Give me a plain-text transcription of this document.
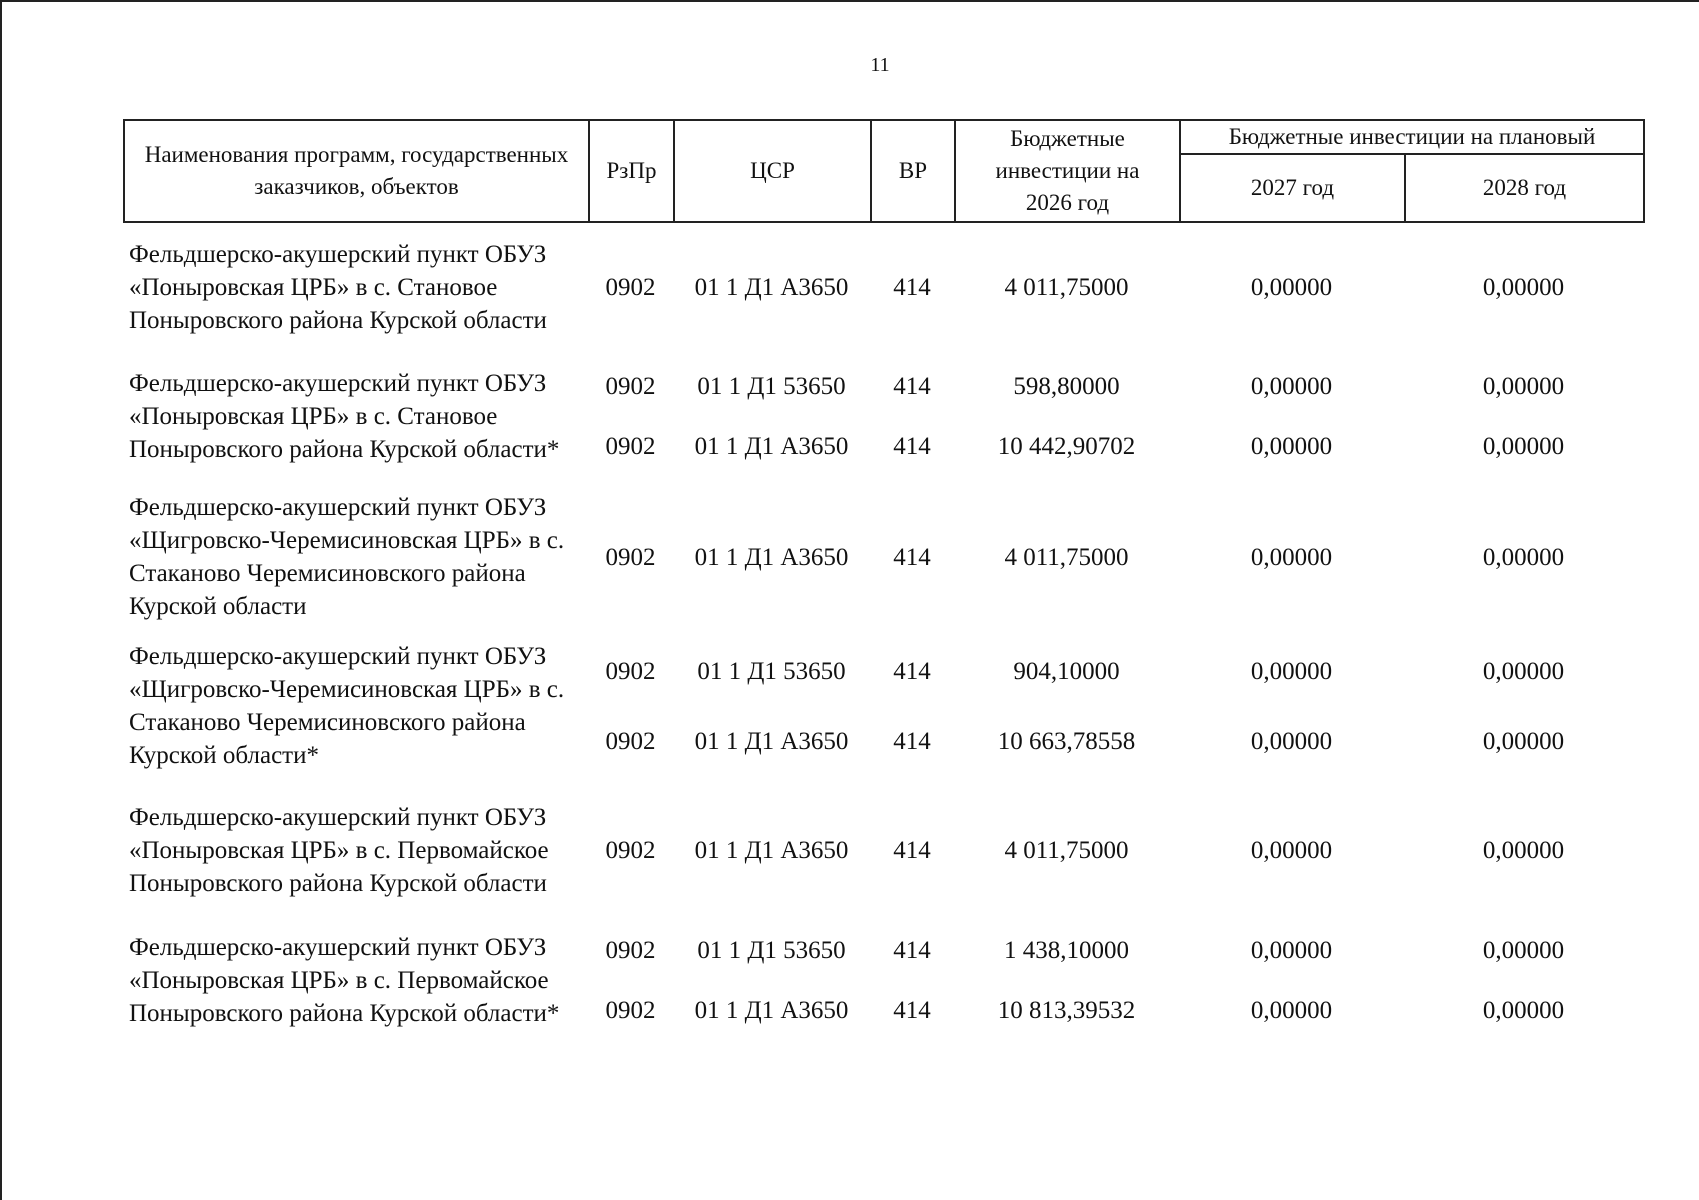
11
Наименования программ, государственных заказчиков, объектов	РзПр	ЦСР	ВР	Бюджетные инвестиции на 2026 год	Бюджетные инвестиции на плановый	
					2027 год	2028 год
Фельдшерско-акушерский пункт ОБУЗ «Поныровская ЦРБ» в с. Становое Поныровского района Курской области	0902	01 1 Д1 А3650	414	4 011,75000	0,00000	0,00000

Фельдшерско-акушерский пункт ОБУЗ «Поныровская ЦРБ» в с. Становое Поныровского района Курской области*	0902	01 1 Д1 53650	414	598,80000	0,00000	0,00000
	0902	01 1 Д1 А3650	414	10 442,90702	0,00000	0,00000

Фельдшерско-акушерский пункт ОБУЗ «Щигровско-Черемисиновская ЦРБ» в с. Стаканово Черемисиновского района Курской области	0902	01 1 Д1 А3650	414	4 011,75000	0,00000	0,00000

Фельдшерско-акушерский пункт ОБУЗ «Щигровско-Черемисиновская ЦРБ» в с. Стаканово Черемисиновского района Курской области*	0902	01 1 Д1 53650	414	904,10000	0,00000	0,00000
	0902	01 1 Д1 А3650	414	10 663,78558	0,00000	0,00000

Фельдшерско-акушерский пункт ОБУЗ «Поныровская ЦРБ» в с. Первомайское Поныровского района Курской области	0902	01 1 Д1 А3650	414	4 011,75000	0,00000	0,00000

Фельдшерско-акушерский пункт ОБУЗ «Поныровская ЦРБ» в с. Первомайское Поныровского района Курской области*	0902	01 1 Д1 53650	414	1 438,10000	0,00000	0,00000
	0902	01 1 Д1 А3650	414	10 813,39532	0,00000	0,00000
